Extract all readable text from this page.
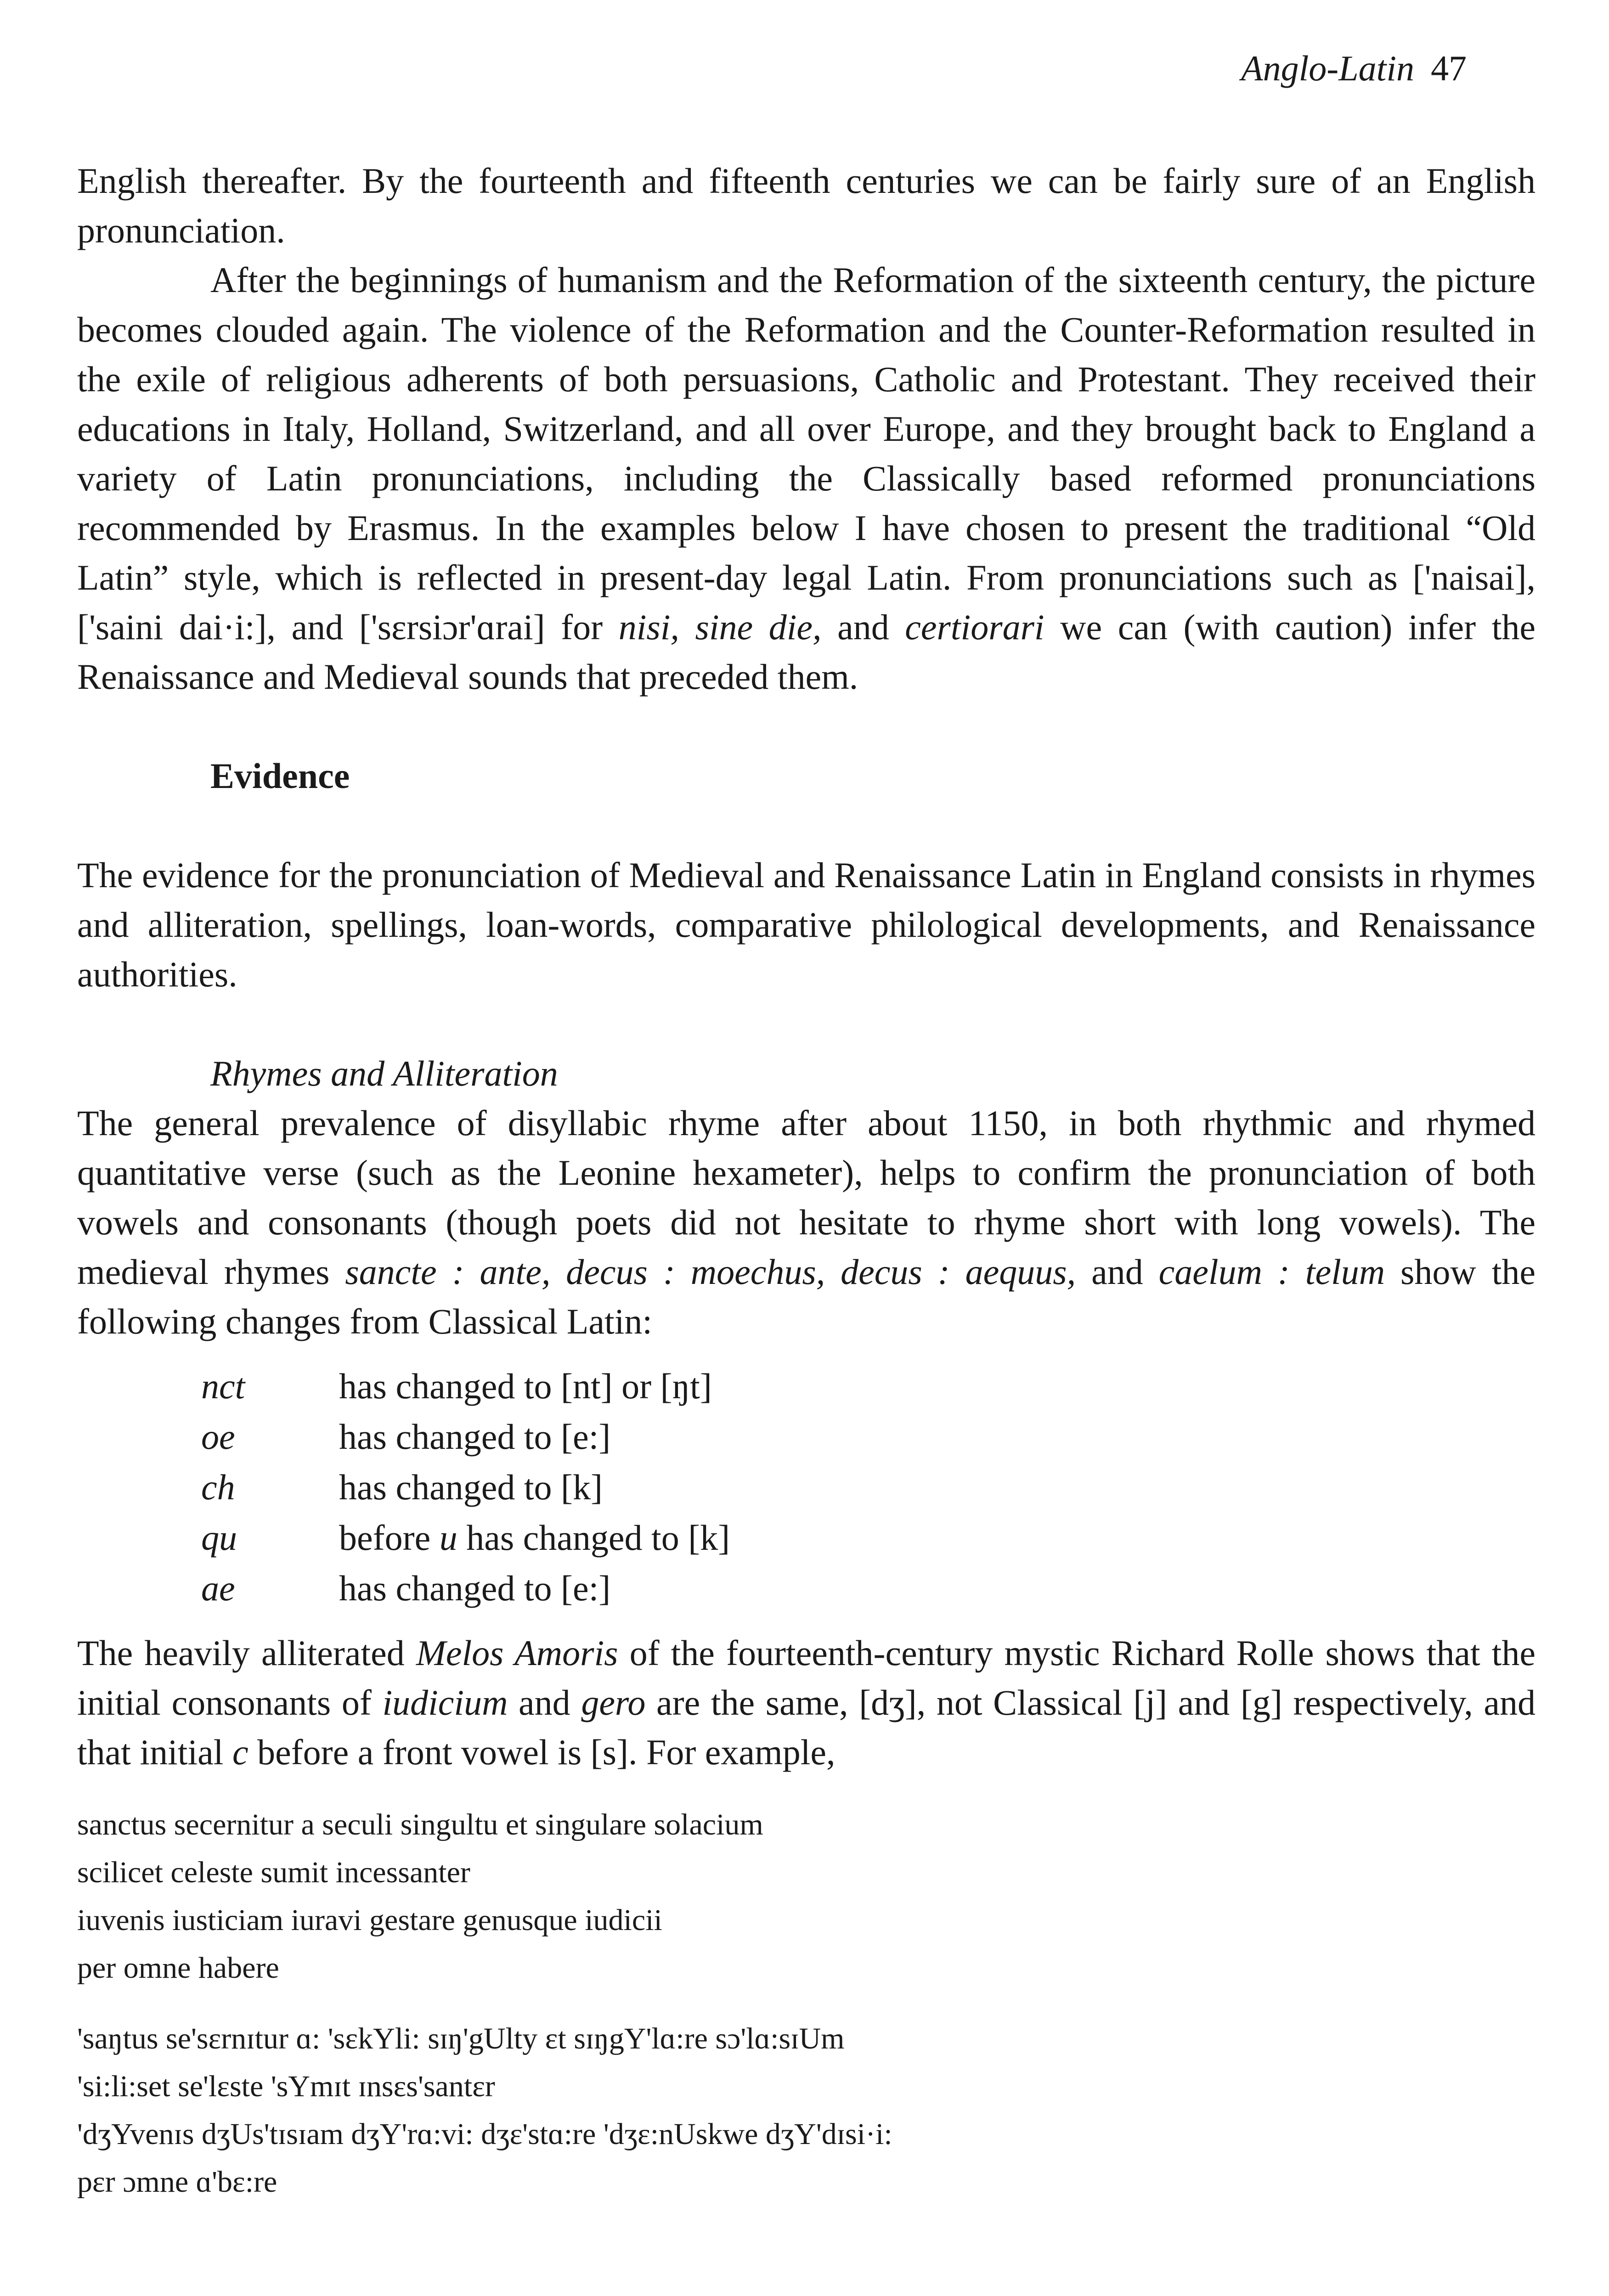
Anglo-Latin 47

English thereafter. By the fourteenth and fifteenth centuries we can be fairly sure of an English pronunciation.

After the beginnings of humanism and the Reformation of the sixteenth century, the picture becomes clouded again. The violence of the Reformation and the Counter-Reformation resulted in the exile of religious adherents of both persuasions, Catholic and Protestant. They received their educations in Italy, Holland, Switzerland, and all over Europe, and they brought back to England a variety of Latin pronunciations, including the Classically based reformed pronunciations recommended by Erasmus. In the examples below I have chosen to present the traditional “Old Latin” style, which is reflected in present-day legal Latin. From pronunciations such as ['naisai], ['saini dai·i:], and ['sɛrsiɔr'ɑrai] for nisi, sine die, and certiorari we can (with caution) infer the Renaissance and Medieval sounds that preceded them.

Evidence

The evidence for the pronunciation of Medieval and Renaissance Latin in England consists in rhymes and alliteration, spellings, loan-words, comparative philological developments, and Renaissance authorities.

Rhymes and Alliteration

The general prevalence of disyllabic rhyme after about 1150, in both rhythmic and rhymed quantitative verse (such as the Leonine hexameter), helps to confirm the pronunciation of both vowels and consonants (though poets did not hesitate to rhyme short with long vowels). The medieval rhymes sancte : ante, decus : moechus, decus : aequus, and caelum : telum show the following changes from Classical Latin:

nct	has changed to [nt] or [ŋt]
oe	has changed to [e:]
ch	has changed to [k]
qu	before u has changed to [k]
ae	has changed to [e:]

The heavily alliterated Melos Amoris of the fourteenth-century mystic Richard Rolle shows that the initial consonants of iudicium and gero are the same, [dʒ], not Classical [j] and [g] respectively, and that initial c before a front vowel is [s]. For example,

sanctus secernitur a seculi singultu et singulare solacium
scilicet celeste sumit incessanter
iuvenis iusticiam iuravi gestare genusque iudicii
per omne habere
'saŋtus se'sɛrnɪtur ɑ: 'sɛkYli: sɪŋ'gUlty ɛt sɪŋgY'lɑ:re sɔ'lɑ:sɪUm
'si:li:set se'lɛste 'sYmɪt ɪnsɛs'santɛr
'dʒYvenɪs dʒUs'tɪsɪam dʒY'rɑ:vi: dʒɛ'stɑ:re 'dʒɛ:nUskwe dʒY'dɪsi·i:
pɛr ɔmne ɑ'bɛ:re
